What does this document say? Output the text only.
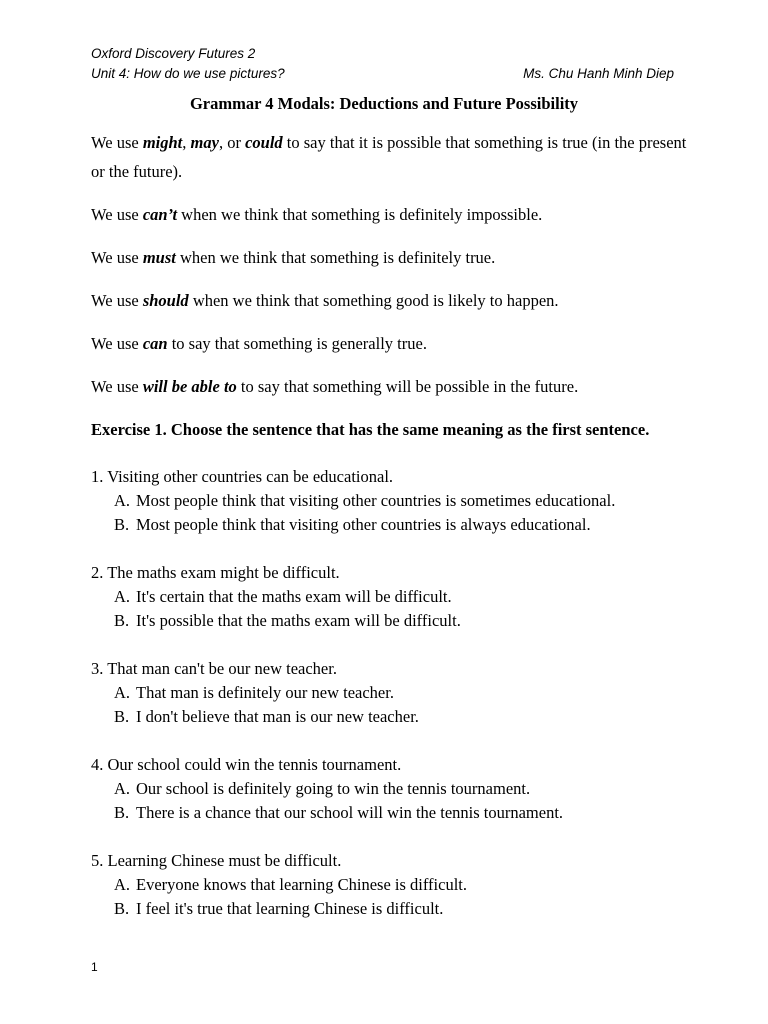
Oxford Discovery Futures 2
Unit 4: How do we use pictures?	Ms. Chu Hanh Minh Diep
Grammar 4 Modals: Deductions and Future Possibility
We use might, may, or could to say that it is possible that something is true (in the present or the future).
We use can’t when we think that something is definitely impossible.
We use must when we think that something is definitely true.
We use should when we think that something good is likely to happen.
We use can to say that something is generally true.
We use will be able to to say that something will be possible in the future.
Exercise 1. Choose the sentence that has the same meaning as the first sentence.
1. Visiting other countries can be educational.
A. Most people think that visiting other countries is sometimes educational.
B. Most people think that visiting other countries is always educational.
2. The maths exam might be difficult.
A. It's certain that the maths exam will be difficult.
B. It's possible that the maths exam will be difficult.
3. That man can't be our new teacher.
A. That man is definitely our new teacher.
B. I don't believe that man is our new teacher.
4. Our school could win the tennis tournament.
A. Our school is definitely going to win the tennis tournament.
B. There is a chance that our school will win the tennis tournament.
5. Learning Chinese must be difficult.
A. Everyone knows that learning Chinese is difficult.
B. I feel it's true that learning Chinese is difficult.
1
